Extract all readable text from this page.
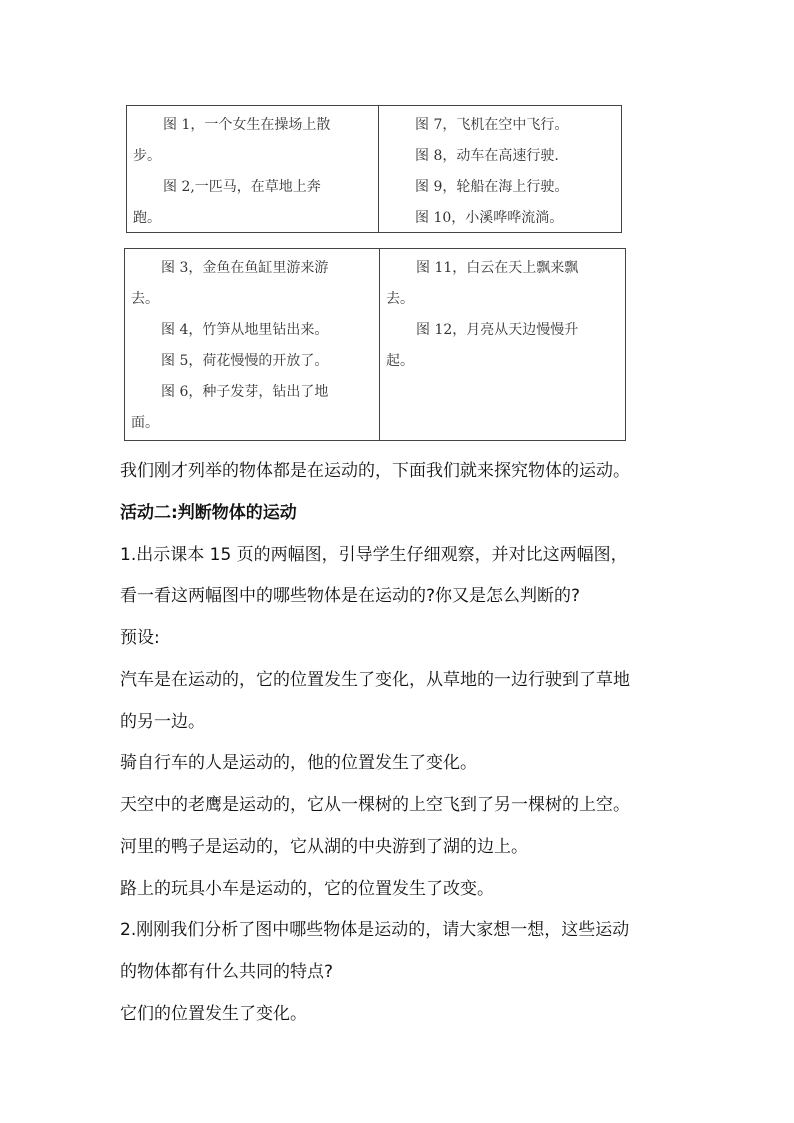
图 1，一个女生在操场上散
步。
图 2,一匹马，在草地上奔
跑。
图 7，飞机在空中飞行。
图 8，动车在高速行驶.
图 9，轮船在海上行驶。
图 10，小溪哗哗流淌。
图 3，金鱼在鱼缸里游来游
去。
图 4，竹笋从地里钻出来。
图 5，荷花慢慢的开放了。
图 6，种子发芽，钻出了地
面。
图 11，白云在天上飘来飘
去。
图 12，月亮从天边慢慢升
起。
我们刚才列举的物体都是在运动的，下面我们就来探究物体的运动。
活动二:判断物体的运动
1.出示课本 15 页的两幅图，引导学生仔细观察，并对比这两幅图，
看一看这两幅图中的哪些物体是在运动的?你又是怎么判断的?
预设:
汽车是在运动的，它的位置发生了变化，从草地的一边行驶到了草地
的另一边。
骑自行车的人是运动的，他的位置发生了变化。
天空中的老鹰是运动的，它从一棵树的上空飞到了另一棵树的上空。
河里的鸭子是运动的，它从湖的中央游到了湖的边上。
路上的玩具小车是运动的，它的位置发生了改变。
2.刚刚我们分析了图中哪些物体是运动的，请大家想一想，这些运动
的物体都有什么共同的特点?
它们的位置发生了变化。
